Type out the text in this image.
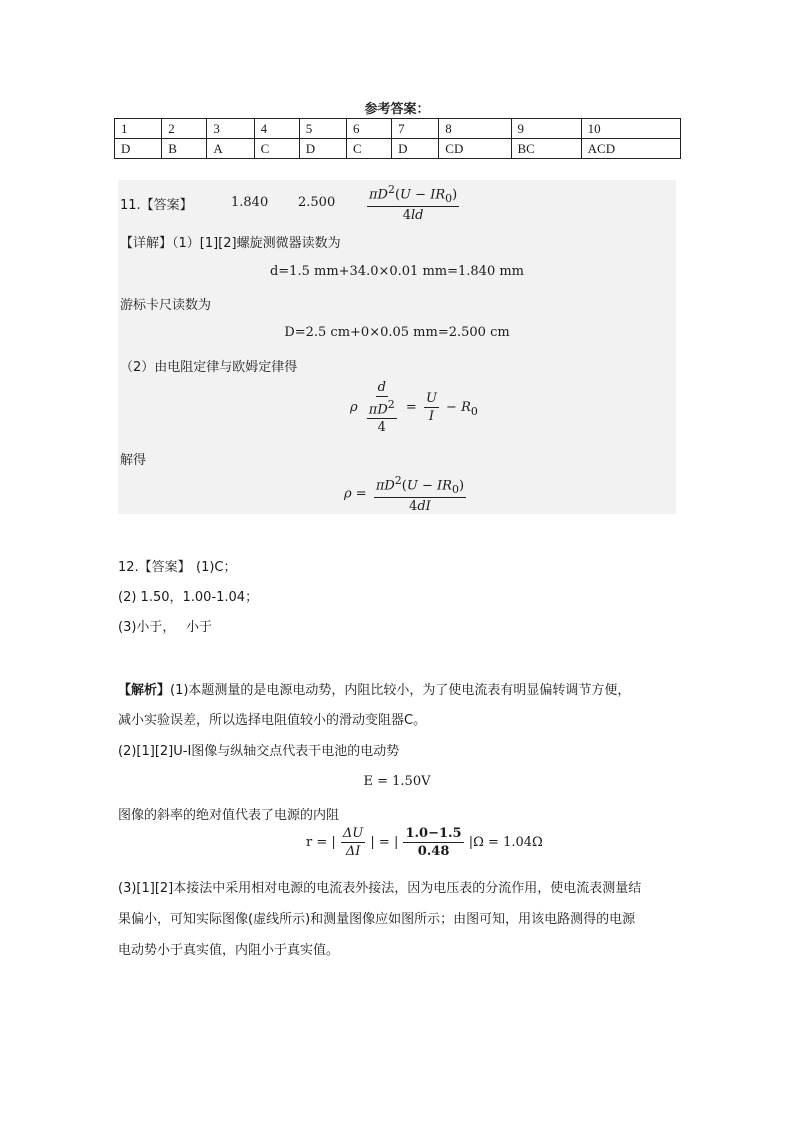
参考答案：
1	2	3	4	5	6	7	8	9	10
D	B	A	C	D	C	D	CD	BC	ACD
11.【答案】	1.840 $2.500 \frac{\pi D^2(U - IR_0)}{4ld}$
【详解】（1）[1][2]螺旋测微器读数为
d=1.5 mm+34.0×0.01 mm=1.840 mm
游标卡尺读数为
D=2.5 cm+0×0.05 mm=2.500 cm
（2）由电阻定律与欧姆定律得
ρ $\frac{d}{\frac{\pi D^2}{4}} = \frac{U}{I} - R_0$
解得
$\rho = \frac{\pi D^2(U - IR_0)}{4dI}$
12.【答案】 (1)C；
(2) 1.50，1.00-1.04；
(3)小于，　 小于
【解析】(1)本题测量的是电源电动势，内阻比较小，为了使电流表有明显偏转调节方便，
减小实验误差，所以选择电阻值较小的滑动变阻器C。
(2)[1][2]U-I图像与纵轴交点代表干电池的电动势
E = 1.50V
图像的斜率的绝对值代表了电源的内阻
r = | $\frac{\Delta U}{\Delta I}$ | = | $\frac{1.0-1.5}{0.48} |\Omega = 1.04\Omega$
(3)[1][2]本接法中采用相对电源的电流表外接法，因为电压表的分流作用，使电流表测量结
果偏小，可知实际图像(虚线所示)和测量图像应如图所示；由图可知，用该电路测得的电源
电动势小于真实值，内阻小于真实值。
